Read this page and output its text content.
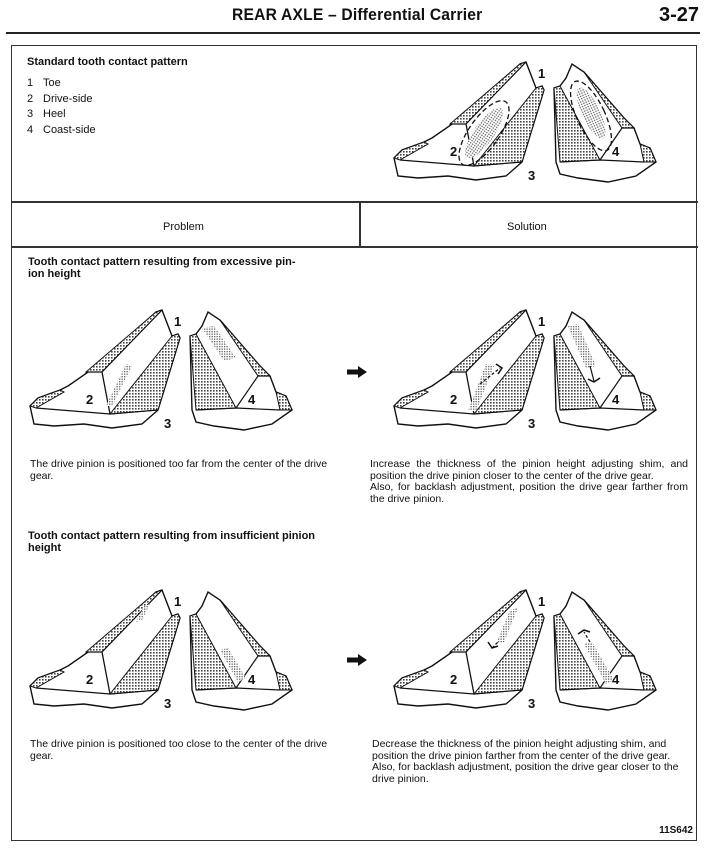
REAR AXLE – Differential Carrier	3-27
Standard tooth contact pattern
1 Toe
2 Drive-side
3 Heel
4 Coast-side
1
2
3
4
1
2
3
4
1
2
3
4
1
2
3
4
1
2
3
4
Problem	Solution
Tooth contact pattern resulting from excessive pin-
ion height
The drive pinion is positioned too far from the center of the drive gear.
Increase the thickness of the pinion height adjusting shim, and position the drive pinion closer to the center of the drive gear.
Also, for backlash adjustment, position the drive gear farther from the drive pinion.
Tooth contact pattern resulting from insufficient pinion
height
The drive pinion is positioned too close to the center of the drive gear.
Decrease the thickness of the pinion height adjusting shim, and position the drive pinion farther from the center of the drive gear.
Also, for backlash adjustment, position the drive gear closer to the drive pinion.
11S642
